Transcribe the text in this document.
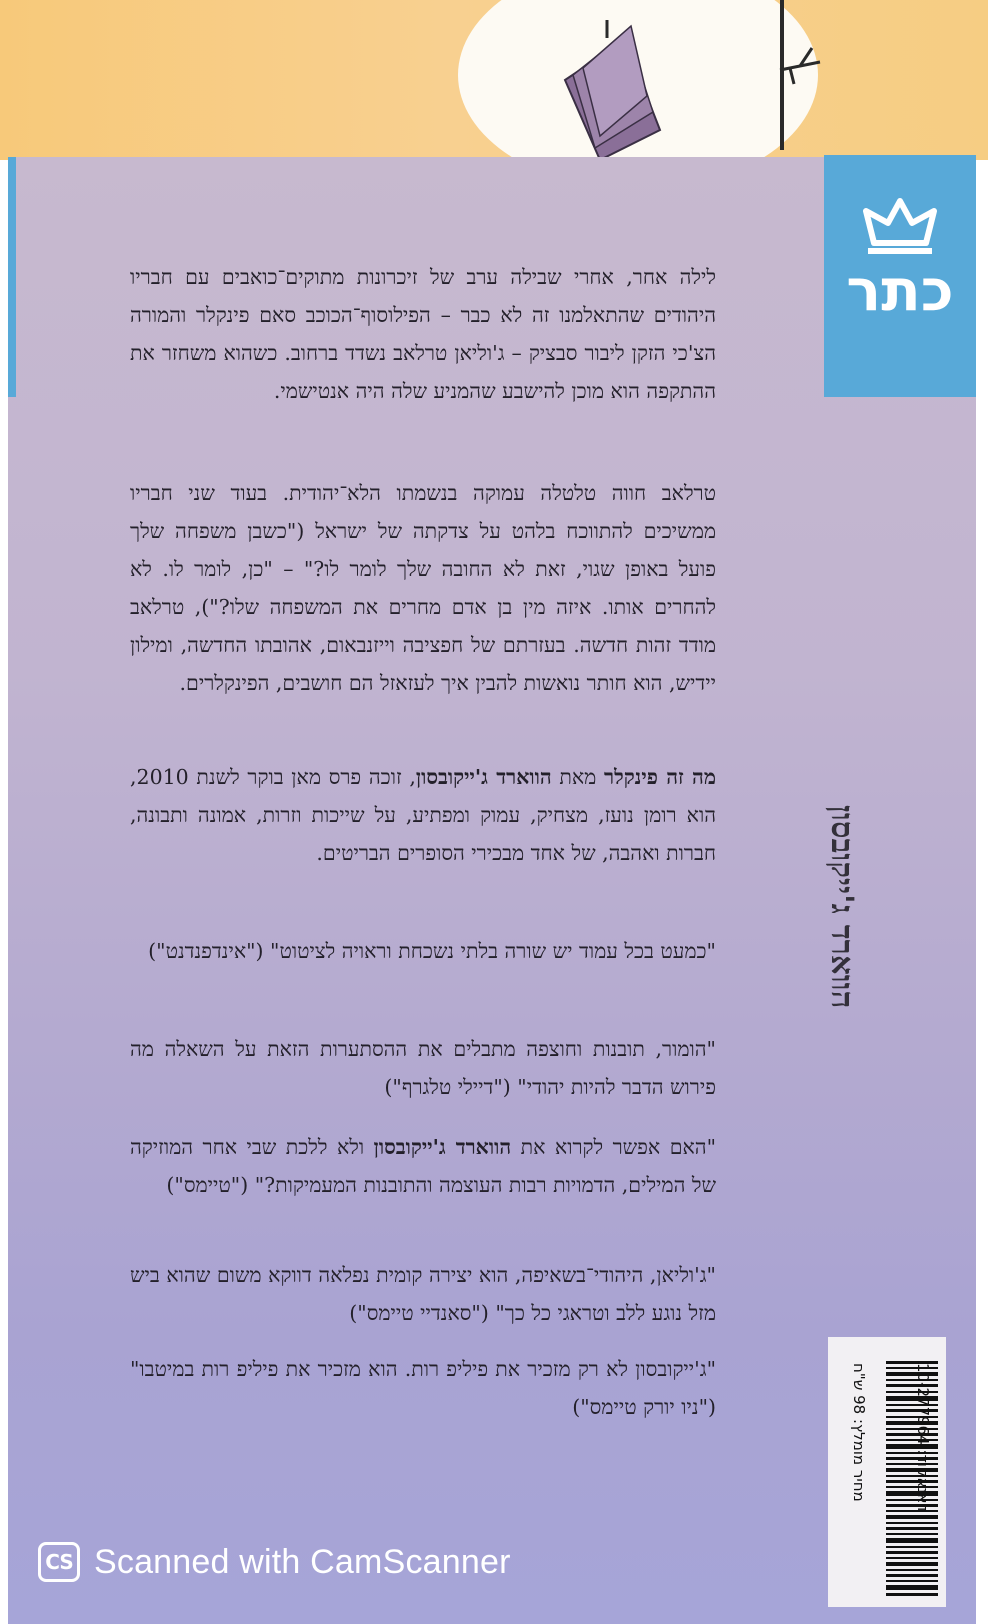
כתר
הווארד ג'ייקובסון

לילה אחר, אחרי שבילה ערב של זיכרונות מתוקים־כואבים עם חבריו היהודים שהתאלמנו זה לא כבר – הפילוסוף־הכוכב סאם פינקלר והמורה הצ'כי הזקן ליבור סבציק – ג'וליאן טרלאב נשדד ברחוב. כשהוא משחזר את ההתקפה הוא מוכן להישבע שהמניע שלה היה אנטישמי.

טרלאב חווה טלטלה עמוקה בנשמתו הלא־יהודית. בעוד שני חבריו ממשיכים להתווכח בלהט על צדקתה של ישראל ("כשבן משפחה שלך פועל באופן שגוי, זאת לא החובה שלך לומר לו?" – "כן, לומר לו. לא להחרים אותו. איזה מין בן אדם מחרים את המשפחה שלו?"), טרלאב מודד זהות חדשה. בעזרתם של חפציבה וייזנבאום, אהובתו החדשה, ומילון יידיש, הוא חותר נואשות להבין איך לעזאזל הם חושבים, הפינקלרים.

מה זה פינקלר מאת הווארד ג'ייקובסון, זוכה פרס מאן בוקר לשנת 2010, הוא רומן נועז, מצחיק, עמוק ומפתיע, על שייכות וזרות, אמונה ותבונה, חברות ואהבה, של אחד מבכירי הסופרים הבריטים.

"כמעט בכל עמוד יש שורה בלתי נשכחת וראויה לציטוט" ("אינדפנדנט")

"הומור, תובנות וחוצפה מתבלים את ההסתערות הזאת על השאלה מה פירוש הדבר להיות יהודי" ("דיילי טלגרף")

"האם אפשר לקרוא את הווארד ג'ייקובסון ולא ללכת שבי אחר המוזיקה של המילים, הדמויות רבות העוצמה והתובנות המעמיקות?" ("טיימס")

"ג'וליאן, היהודי־בשאיפה, הוא יצירה קומית נפלאה דווקא משום שהוא ביש מזל נוגע ללב וטראגי כל כך" ("סאנדיי טיימס")

"ג'ייקובסון לא רק מזכיר את פיליפ רות. הוא מזכיר את פיליפ רות במיטבו" ("ניו יורק טיימס")

מחיר מומלץ: 98 ש"ח
דאנאקוד: 10-277964
CS Scanned with CamScanner
